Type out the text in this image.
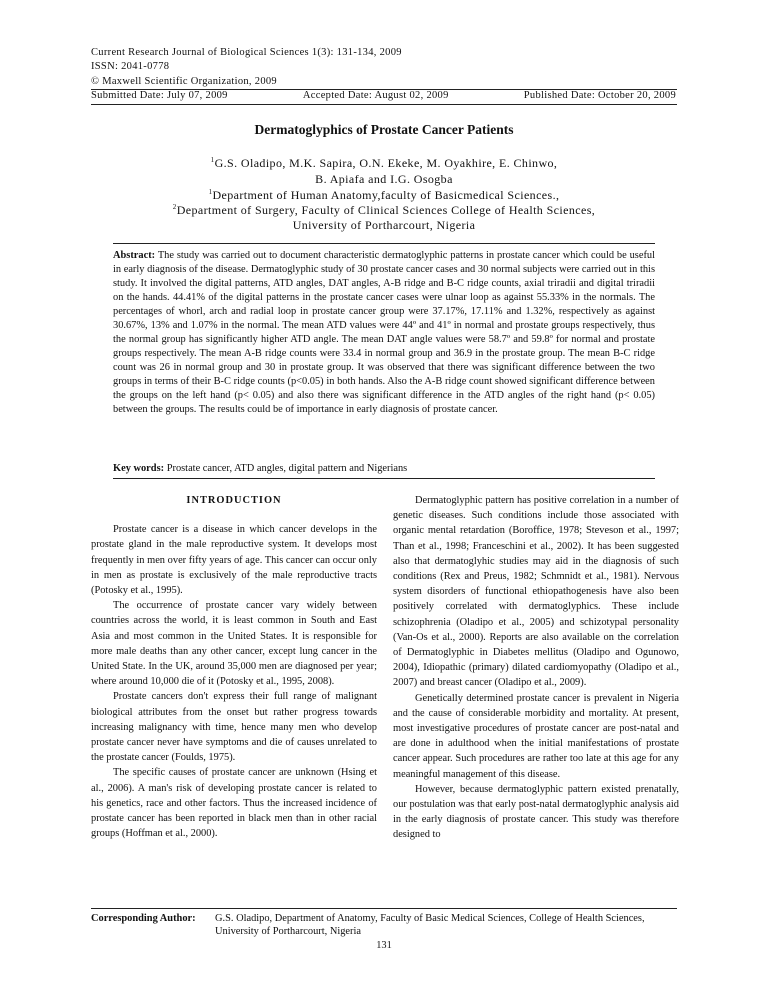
Current Research Journal of Biological Sciences 1(3): 131-134, 2009
ISSN: 2041-0778
© Maxwell Scientific Organization, 2009
Submitted Date: July 07, 2009	Accepted Date: August 02, 2009	Published Date: October 20, 2009
Dermatoglyphics of Prostate Cancer Patients
$^1$G.S. Oladipo, M.K. Sapira, O.N. Ekeke, M. Oyakhire, E. Chinwo,
B. Apiafa and I.G. Osogba
$^1$Department of Human Anatomy,faculty of Basicmedical Sciences.,
$^2$Department of Surgery, Faculty of Clinical Sciences College of Health Sciences,
University of Portharcourt, Nigeria
Abstract: The study was carried out to document characteristic dermatoglyphic patterns in prostate cancer which could be useful in early diagnosis of the disease. Dermatoglyphic study of 30 prostate cancer cases and 30 normal subjects were carried out in this study. It involved the digital patterns, ATD angles, DAT angles, A-B ridge and B-C ridge counts, axial triradii and digital triradii on the hands. 44.41% of the digital patterns in the prostate cancer cases were ulnar loop as against 55.33% in the normals. The percentages of whorl, arch and radial loop in prostate cancer group were 37.17%, 17.11% and 1.32%, respectively as against 30.67%, 13% and 1.07% in the normal. The mean ATD values were 44º and 41º in normal and prostate groups respectively, thus the normal group has significantly higher ATD angle. The mean DAT angle values were 58.7º and 59.8º for normal and prostate groups respectively. The mean A-B ridge counts were 33.4 in normal group and 36.9 in the prostate group. The mean B-C ridge count was 26 in normal group and 30 in prostate group. It was observed that there was significant difference between the two groups in terms of their B-C ridge counts (p<0.05) in both hands. Also the A-B ridge count showed significant difference between the groups on the left hand (p< 0.05) and also there was significant difference in the ATD angles of the right hand (p< 0.05) between the groups. The results could be of importance in early diagnosis of prostate cancer.
Key words: Prostate cancer, ATD angles, digital pattern and Nigerians
INTRODUCTION

Prostate cancer is a disease in which cancer develops in the prostate gland in the male reproductive system. It develops most frequently in men over fifty years of age. This cancer can occur only in men as prostate is exclusively of the male reproductive tracts (Potosky et al., 1995).

The occurrence of prostate cancer vary widely between countries across the world, it is least common in South and East Asia and most common in the United States. It is responsible for more male deaths than any other cancer, except lung cancer in the United State. In the UK, around 35,000 men are diagnosed per year; where around 10,000 die of it (Potosky et al., 1995, 2008).

Prostate cancers don't express their full range of malignant biological attributes from the onset but rather progress towards increasing malignancy with time, hence many men who develop prostate cancer never have symptoms and die of causes unrelated to the prostate cancer (Foulds, 1975).

The specific causes of prostate cancer are unknown (Hsing et al., 2006). A man's risk of developing prostate cancer is related to his genetics, race and other factors. Thus the increased incidence of prostate cancer has been reported in black men than in other racial groups (Hoffman et al., 2000).

Dermatoglyphic pattern has positive correlation in a number of genetic diseases. Such conditions include those associated with organic mental retardation (Boroffice, 1978; Steveson et al., 1997; Than et al., 1998; Franceschini et al., 2002). It has been suggested also that dermatoglyhic studies may aid in the diagnosis of such conditions (Rex and Preus, 1982; Schmnidt et al., 1981). Nervous system disorders of functional ethiopathogenesis have also been positively correlated with dermatoglyphics. These include schizophrenia (Oladipo et al., 2005) and schizotypal personality (Van-Os et al., 2000). Reports are also available on the correlation of Dermatoglyphic in Diabetes mellitus (Oladipo and Ogunowo, 2004), Idiopathic (primary) dilated cardiomyopathy (Oladipo et al., 2007) and breast cancer (Oladipo et al., 2009).

Genetically determined prostate cancer is prevalent in Nigeria and the cause of considerable morbidity and mortality. At present, most investigative procedures of prostate cancer are post-natal and are done in adulthood when the initial manifestations of prostate cancer appear. Such procedures are rather too late at this age for any meaningful management of this disease.

However, because dermatoglyphic pattern existed prenatally, our postulation was that early post-natal dermatoglyphic analysis aid in the early diagnosis of prostate cancer. This study was therefore designed to

Corresponding Author:	G.S. Oladipo, Department of Anatomy, Faculty of Basic Medical Sciences, College of Health Sciences,
University of Portharcourt, Nigeria
131
